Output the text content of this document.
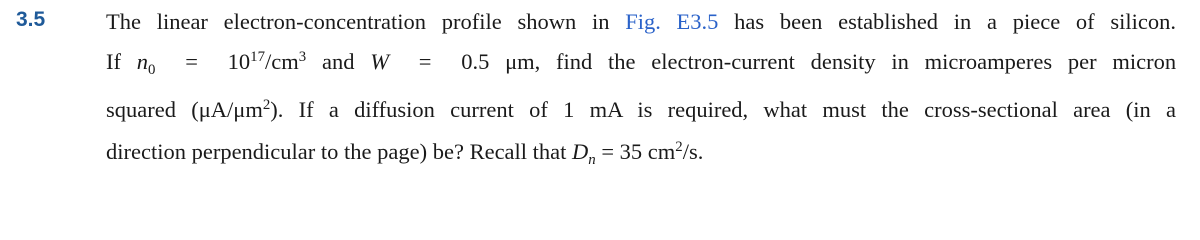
3.5	The linear electron-concentration profile shown in Fig. E3.5 has been established in a piece of silicon.
If $n_0 = 10^{17}/cm^3$ and W = 0.5 μm, find the electron-current density in microamperes per micron
squared $(\mu A/\mu m^2)$. If a diffusion current of 1 mA is required, what must the cross-sectional area (in a
direction perpendicular to the page) be? Recall that $D_n = 35$ $cm^2/s$.
